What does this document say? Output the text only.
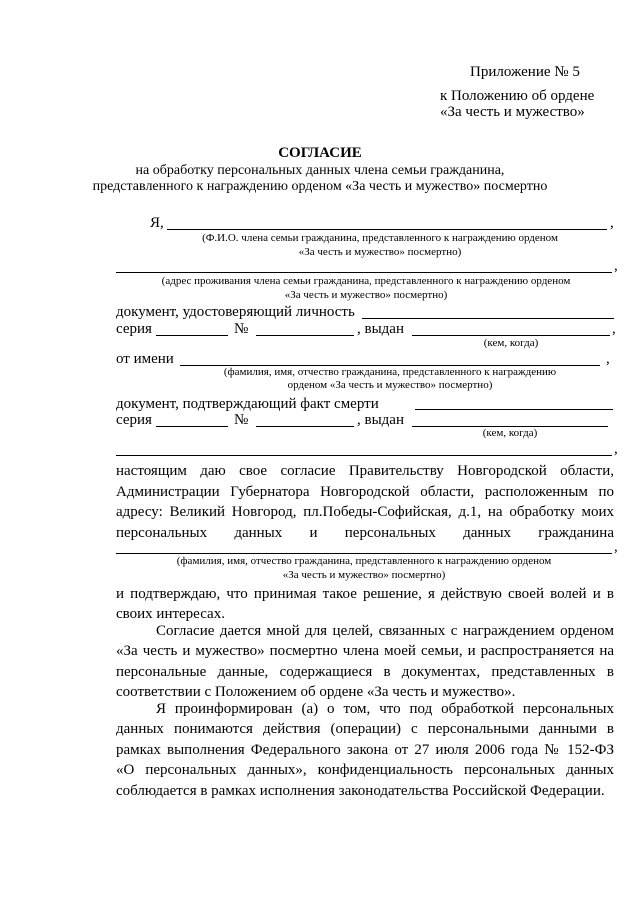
Приложение № 5
к Положению об ордене
«За честь и мужество»
СОГЛАСИЕ
на обработку персональных данных члена семьи гражданина,
представленного к награждению орденом «За честь и мужество» посмертно
Я,	,
(Ф.И.О. члена семьи гражданина, представленного к награждению орденом
«За честь и мужество» посмертно)
,
(адрес проживания члена семьи гражданина, представленного к награждению орденом
«За честь и мужество» посмертно)
документ, удостоверяющий личность
серия	№	, выдан	,
(кем, когда)
от имени	,
(фамилия, имя, отчество гражданина, представленного к награждению
орденом «За честь и мужество» посмертно)
документ, подтверждающий факт смерти
серия	№	, выдан
(кем, когда)
,
настоящим даю свое согласие Правительству Новгородской области,
Администрации Губернатора Новгородской области, расположенным по
адресу: Великий Новгород, пл.Победы-Софийская, д.1, на обработку моих
персональных данных и персональных данных гражданина
,
(фамилия, имя, отчество гражданина, представленного к награждению орденом
«За честь и мужество» посмертно)
и подтверждаю, что принимая такое решение, я действую своей волей и в
своих интересах.
Согласие дается мной для целей, связанных с награждением орденом
«За честь и мужество» посмертно члена моей семьи, и распространяется на
персональные данные, содержащиеся в документах, представленных в
соответствии с Положением об ордене «За честь и мужество».
Я проинформирован (а) о том, что под обработкой персональных
данных понимаются действия (операции) с персональными данными в
рамках выполнения Федерального закона от 27 июля 2006 года № 152-ФЗ
«О персональных данных», конфиденциальность персональных данных
соблюдается в рамках исполнения законодательства Российской Федерации.
